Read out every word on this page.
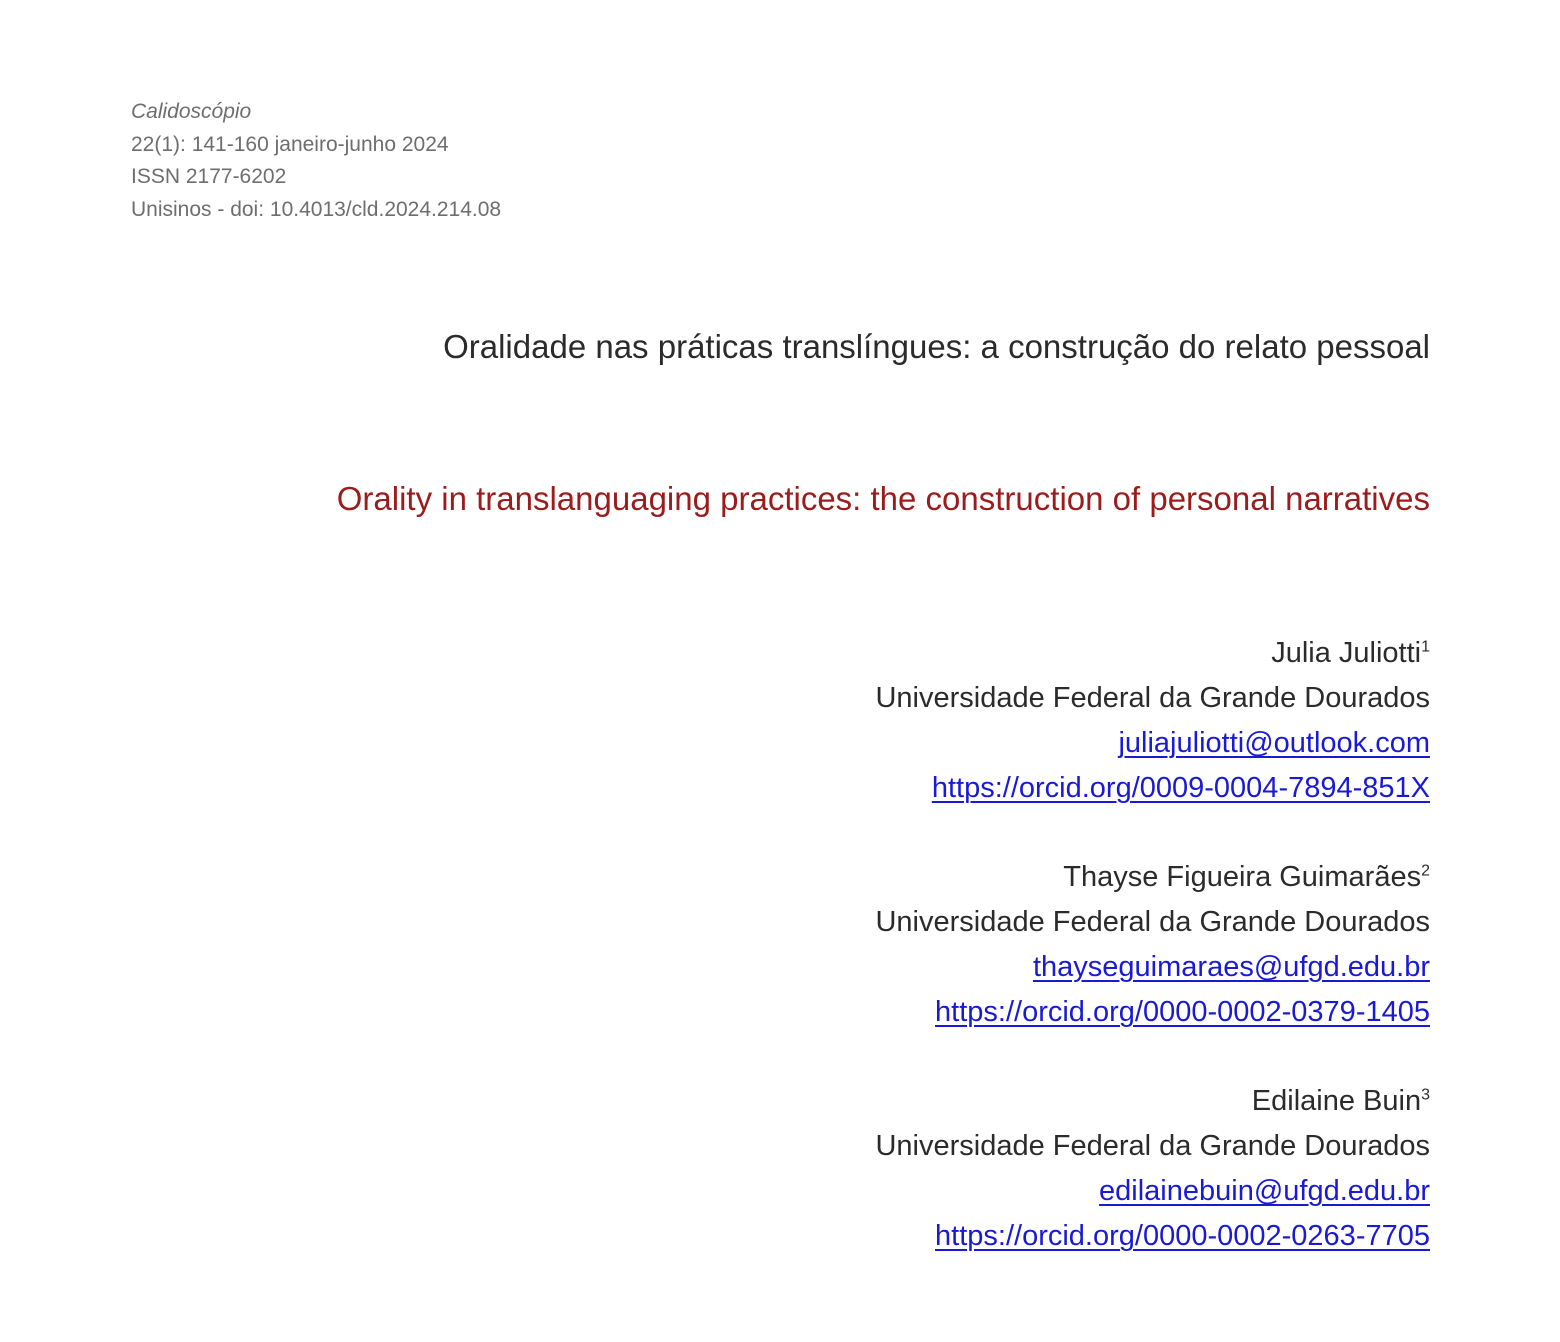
Calidoscópio
22(1): 141-160 janeiro-junho 2024
ISSN 2177-6202
Unisinos - doi: 10.4013/cld.2024.214.08
Oralidade nas práticas translíngues: a construção do relato pessoal
Orality in translanguaging practices: the construction of personal narratives
Julia Juliotti$^1$
Universidade Federal da Grande Dourados
juliajuliotti@outlook.com
https://orcid.org/0009-0004-7894-851X
Thayse Figueira Guimarães$^2$
Universidade Federal da Grande Dourados
thayseguimaraes@ufgd.edu.br
https://orcid.org/0000-0002-0379-1405
Edilaine Buin$^3$
Universidade Federal da Grande Dourados
edilainebuin@ufgd.edu.br
https://orcid.org/0000-0002-0263-7705
